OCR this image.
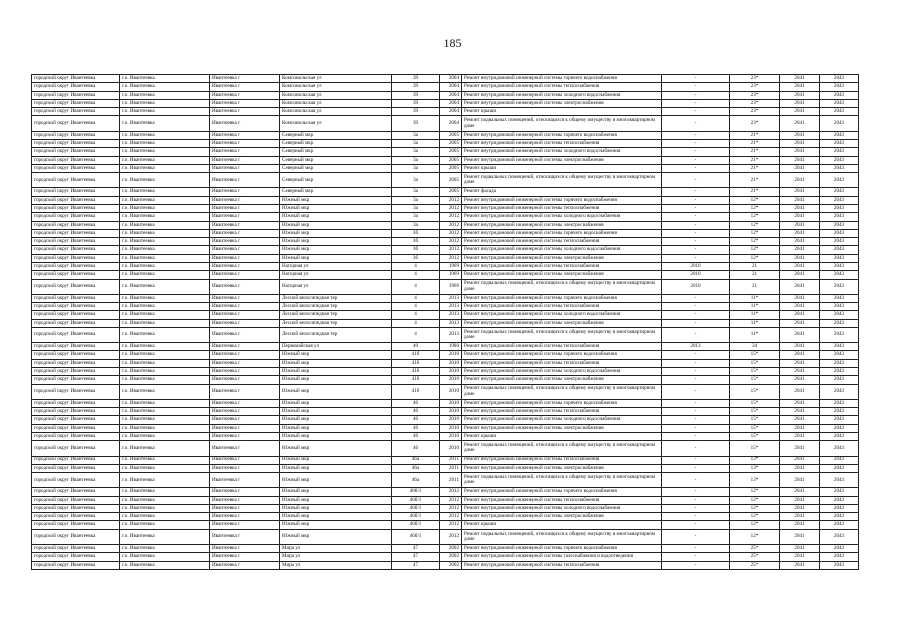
185
городской округ Ивантеевка	г.о. Ивантеевка	Ивантеевка г	Комсомольская ул	39	2004	Ремонт внутридомовой инженерной системы горячего водоснабжения	-	23*	2041	2043
городской округ Ивантеевка	г.о. Ивантеевка	Ивантеевка г	Комсомольская ул	39	2004	Ремонт внутридомовой инженерной системы теплоснабжения	-	23*	2041	2043
городской округ Ивантеевка	г.о. Ивантеевка	Ивантеевка г	Комсомольская ул	39	2004	Ремонт внутридомовой инженерной системы холодного водоснабжения	-	23*	2041	2043
городской округ Ивантеевка	г.о. Ивантеевка	Ивантеевка г	Комсомольская ул	39	2004	Ремонт внутридомовой инженерной системы электроснабжения	-	23*	2041	2043
городской округ Ивантеевка	г.о. Ивантеевка	Ивантеевка г	Комсомольская ул	39	2004	Ремонт крыши	-	23*	2041	2043
городской округ Ивантеевка	г.о. Ивантеевка	Ивантеевка г	Комсомольская ул	39	2004	Ремонт подвальных помещений, относящихся к общему имуществу в многоквартирном доме	-	23*	2041	2043
городской округ Ивантеевка	г.о. Ивантеевка	Ивантеевка г	Северный мкр	3а	2005	Ремонт внутридомовой инженерной системы горячего водоснабжения	-	21*	2041	2043
городской округ Ивантеевка	г.о. Ивантеевка	Ивантеевка г	Северный мкр	3а	2005	Ремонт внутридомовой инженерной системы теплоснабжения	-	21*	2041	2043
городской округ Ивантеевка	г.о. Ивантеевка	Ивантеевка г	Северный мкр	3а	2005	Ремонт внутридомовой инженерной системы холодного водоснабжения	-	21*	2041	2043
городской округ Ивантеевка	г.о. Ивантеевка	Ивантеевка г	Северный мкр	3а	2005	Ремонт внутридомовой инженерной системы электроснабжения	-	21*	2041	2043
городской округ Ивантеевка	г.о. Ивантеевка	Ивантеевка г	Северный мкр	3а	2005	Ремонт крыши	-	21*	2041	2043
городской округ Ивантеевка	г.о. Ивантеевка	Ивантеевка г	Северный мкр	3а	2005	Ремонт подвальных помещений, относящихся к общему имуществу в многоквартирном доме	-	21*	2041	2043
городской округ Ивантеевка	г.о. Ивантеевка	Ивантеевка г	Северный мкр	3а	2005	Ремонт фасада	-	21*	2041	2043
городской округ Ивантеевка	г.о. Ивантеевка	Ивантеевка г	Южный мкр	3а	2012	Ремонт внутридомовой инженерной системы горячего водоснабжения	-	12*	2041	2043
городской округ Ивантеевка	г.о. Ивантеевка	Ивантеевка г	Южный мкр	3а	2012	Ремонт внутридомовой инженерной системы теплоснабжения	-	12*	2041	2043
городской округ Ивантеевка	г.о. Ивантеевка	Ивантеевка г	Южный мкр	3а	2012	Ремонт внутридомовой инженерной системы холодного водоснабжения	-	12*	2041	2043
городской округ Ивантеевка	г.о. Ивантеевка	Ивантеевка г	Южный мкр	3а	2012	Ремонт внутридомовой инженерной системы электроснабжения	-	12*	2041	2043
городской округ Ивантеевка	г.о. Ивантеевка	Ивантеевка г	Южный мкр	3б	2012	Ремонт внутридомовой инженерной системы горячего водоснабжения	-	12*	2041	2043
городской округ Ивантеевка	г.о. Ивантеевка	Ивантеевка г	Южный мкр	3б	2012	Ремонт внутридомовой инженерной системы теплоснабжения	-	12*	2041	2043
городской округ Ивантеевка	г.о. Ивантеевка	Ивантеевка г	Южный мкр	3б	2012	Ремонт внутридомовой инженерной системы холодного водоснабжения	-	12*	2041	2043
городской округ Ивантеевка	г.о. Ивантеевка	Ивантеевка г	Южный мкр	3б	2012	Ремонт внутридомовой инженерной системы электроснабжения	-	12*	2041	2043
городской округ Ивантеевка	г.о. Ивантеевка	Ивантеевка г	Нагорная ул	4	1969	Ремонт внутридомовой инженерной системы теплоснабжения	2010	21	2041	2043
городской округ Ивантеевка	г.о. Ивантеевка	Ивантеевка г	Нагорная ул	4	1969	Ремонт внутридомовой инженерной системы электроснабжения	2010	21	2041	2043
городской округ Ивантеевка	г.о. Ивантеевка	Ивантеевка г	Нагорная ул	4	1969	Ремонт подвальных помещений, относящихся к общему имуществу в многоквартирном доме	2010	21	2041	2043
городской округ Ивантеевка	г.о. Ивантеевка	Ивантеевка г	Лесной велосипедная тер	4	2013	Ремонт внутридомовой инженерной системы горячего водоснабжения	-	11*	2041	2043
городской округ Ивантеевка	г.о. Ивантеевка	Ивантеевка г	Лесной велосипедная тер	4	2013	Ремонт внутридомовой инженерной системы теплоснабжения	-	11*	2041	2043
городской округ Ивантеевка	г.о. Ивантеевка	Ивантеевка г	Лесной велосипедная тер	4	2013	Ремонт внутридомовой инженерной системы холодного водоснабжения	-	11*	2041	2043
городской округ Ивантеевка	г.о. Ивантеевка	Ивантеевка г	Лесной велосипедная тер	4	2013	Ремонт внутридомовой инженерной системы электроснабжения	-	11*	2041	2043
городской округ Ивантеевка	г.о. Ивантеевка	Ивантеевка г	Лесной велосипедная тер	4	2013	Ремонт подвальных помещений, относящихся к общему имуществу в многоквартирном доме	-	11*	2041	2043
городской округ Ивантеевка	г.о. Ивантеевка	Ивантеевка г	Первомайская ул	40	1980	Ремонт внутридомовой инженерной системы теплоснабжения	2013	34	2041	2043
городской округ Ивантеевка	г.о. Ивантеевка	Ивантеевка г	Южный мкр	41б	2010	Ремонт внутридомовой инженерной системы горячего водоснабжения	-	15*	2041	2043
городской округ Ивантеевка	г.о. Ивантеевка	Ивантеевка г	Южный мкр	41б	2010	Ремонт внутридомовой инженерной системы теплоснабжения	-	15*	2041	2043
городской округ Ивантеевка	г.о. Ивантеевка	Ивантеевка г	Южный мкр	41б	2010	Ремонт внутридомовой инженерной системы холодного водоснабжения	-	15*	2041	2043
городской округ Ивантеевка	г.о. Ивантеевка	Ивантеевка г	Южный мкр	41б	2010	Ремонт внутридомовой инженерной системы электроснабжения	-	15*	2041	2043
городской округ Ивантеевка	г.о. Ивантеевка	Ивантеевка г	Южный мкр	41б	2010	Ремонт подвальных помещений, относящихся к общему имуществу в многоквартирном доме	-	15*	2041	2043
городской округ Ивантеевка	г.о. Ивантеевка	Ивантеевка г	Южный мкр	46	2010	Ремонт внутридомовой инженерной системы горячего водоснабжения	-	15*	2041	2043
городской округ Ивантеевка	г.о. Ивантеевка	Ивантеевка г	Южный мкр	46	2010	Ремонт внутридомовой инженерной системы теплоснабжения	-	15*	2041	2043
городской округ Ивантеевка	г.о. Ивантеевка	Ивантеевка г	Южный мкр	46	2010	Ремонт внутридомовой инженерной системы холодного водоснабжения	-	15*	2041	2043
городской округ Ивантеевка	г.о. Ивантеевка	Ивантеевка г	Южный мкр	46	2010	Ремонт внутридомовой инженерной системы электроснабжения	-	15*	2041	2043
городской округ Ивантеевка	г.о. Ивантеевка	Ивантеевка г	Южный мкр	46	2010	Ремонт крыши	-	15*	2041	2043
городской округ Ивантеевка	г.о. Ивантеевка	Ивантеевка г	Южный мкр	46	2010	Ремонт подвальных помещений, относящихся к общему имуществу в многоквартирном доме	-	15*	2041	2043
городской округ Ивантеевка	г.о. Ивантеевка	Ивантеевка г	Южный мкр	46а	2011	Ремонт внутридомовой инженерной системы теплоснабжения	-	13*	2041	2043
городской округ Ивантеевка	г.о. Ивантеевка	Ивантеевка г	Южный мкр	46а	2011	Ремонт внутридомовой инженерной системы электроснабжения	-	13*	2041	2043
городской округ Ивантеевка	г.о. Ивантеевка	Ивантеевка г	Южный мкр	46а	2011	Ремонт подвальных помещений, относящихся к общему имуществу в многоквартирном доме	-	13*	2041	2043
городской округ Ивантеевка	г.о. Ивантеевка	Ивантеевка г	Южный мкр	46б/1	2012	Ремонт внутридомовой инженерной системы горячего водоснабжения	-	12*	2041	2043
городской округ Ивантеевка	г.о. Ивантеевка	Ивантеевка г	Южный мкр	46б/1	2012	Ремонт внутридомовой инженерной системы теплоснабжения	-	12*	2041	2043
городской округ Ивантеевка	г.о. Ивантеевка	Ивантеевка г	Южный мкр	46б/1	2012	Ремонт внутридомовой инженерной системы холодного водоснабжения	-	12*	2041	2043
городской округ Ивантеевка	г.о. Ивантеевка	Ивантеевка г	Южный мкр	46б/1	2012	Ремонт внутридомовой инженерной системы электроснабжения	-	12*	2041	2043
городской округ Ивантеевка	г.о. Ивантеевка	Ивантеевка г	Южный мкр	46б/1	2012	Ремонт крыши	-	12*	2041	2043
городской округ Ивантеевка	г.о. Ивантеевка	Ивантеевка г	Южный мкр	46б/1	2012	Ремонт подвальных помещений, относящихся к общему имуществу в многоквартирном доме	-	12*	2041	2043
городской округ Ивантеевка	г.о. Ивантеевка	Ивантеевка г	Мира ул	47	2002	Ремонт внутридомовой инженерной системы горячего водоснабжения	-	25*	2041	2043
городской округ Ивантеевка	г.о. Ивантеевка	Ивантеевка г	Мира ул	47	2002	Ремонт внутридомовой инженерной системы газоснабжения и водоотведения	-	25*	2041	2043
городской округ Ивантеевка	г.о. Ивантеевка	Ивантеевка г	Мира ул	47	2002	Ремонт внутридомовой инженерной системы теплоснабжения	-	25*	2041	2043
